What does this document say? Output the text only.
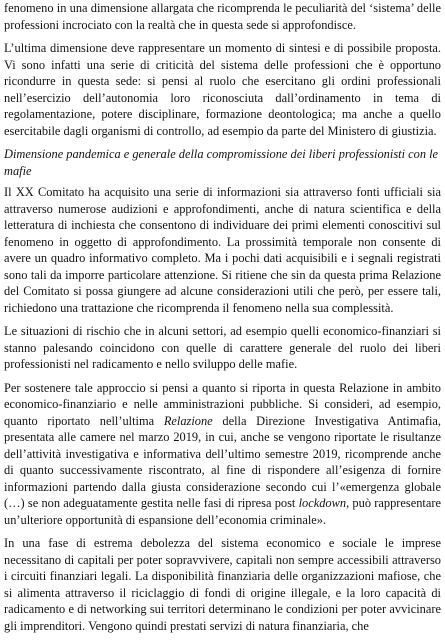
fenomeno in una dimensione allargata che ricomprenda le peculiarità del ‘sistema’ delle professioni incrociato con la realtà che in questa sede si approfondisce.

L’ultima dimensione deve rappresentare un momento di sintesi e di possibile proposta. Vi sono infatti una serie di criticità del sistema delle professioni che è opportuno ricondurre in questa sede: si pensi al ruolo che esercitano gli ordini professionali nell’esercizio dell’autonomia loro riconosciuta dall’ordinamento in tema di regolamentazione, potere disciplinare, formazione deontologica; ma anche a quello esercitabile dagli organismi di controllo, ad esempio da parte del Ministero di giustizia.

Dimensione pandemica e generale della compromissione dei liberi professionisti con le mafie

Il XX Comitato ha acquisito una serie di informazioni sia attraverso fonti ufficiali sia attraverso numerose audizioni e approfondimenti, anche di natura scientifica e della letteratura di inchiesta che consentono di individuare dei primi elementi conoscitivi sul fenomeno in oggetto di approfondimento. La prossimità temporale non consente di avere un quadro informativo completo. Ma i pochi dati acquisibili e i segnali registrati sono tali da imporre particolare attenzione. Si ritiene che sin da questa prima Relazione del Comitato si possa giungere ad alcune considerazioni utili che però, per essere tali, richiedono una trattazione che ricomprenda il fenomeno nella sua complessità.

Le situazioni di rischio che in alcuni settori, ad esempio quelli economico-finanziari si stanno palesando coincidono con quelle di carattere generale del ruolo dei liberi professionisti nel radicamento e nello sviluppo delle mafie.

Per sostenere tale approccio si pensi a quanto si riporta in questa Relazione in ambito economico-finanziario e nelle amministrazioni pubbliche. Si consideri, ad esempio, quanto riportato nell’ultima Relazione della Direzione Investigativa Antimafia, presentata alle camere nel marzo 2019, in cui, anche se vengono riportate le risultanze dell’attività investigativa e informativa dell’ultimo semestre 2019, ricomprende anche di quanto successivamente riscontrato, al fine di rispondere all’esigenza di fornire informazioni partendo dalla giusta considerazione secondo cui l’«emergenza globale (…) se non adeguatamente gestita nelle fasi di ripresa post lockdown, può rappresentare un’ulteriore opportunità di espansione dell’economia criminale».

In una fase di estrema debolezza del sistema economico e sociale le imprese necessitano di capitali per poter sopravvivere, capitali non sempre accessibili attraverso i circuiti finanziari legali. La disponibilità finanziaria delle organizzazioni mafiose, che si alimenta attraverso il riciclaggio di fondi di origine illegale, e la loro capacità di radicamento e di networking sui territori determinano le condizioni per poter avvicinare gli imprenditori. Vengono quindi prestati servizi di natura finanziaria, che
